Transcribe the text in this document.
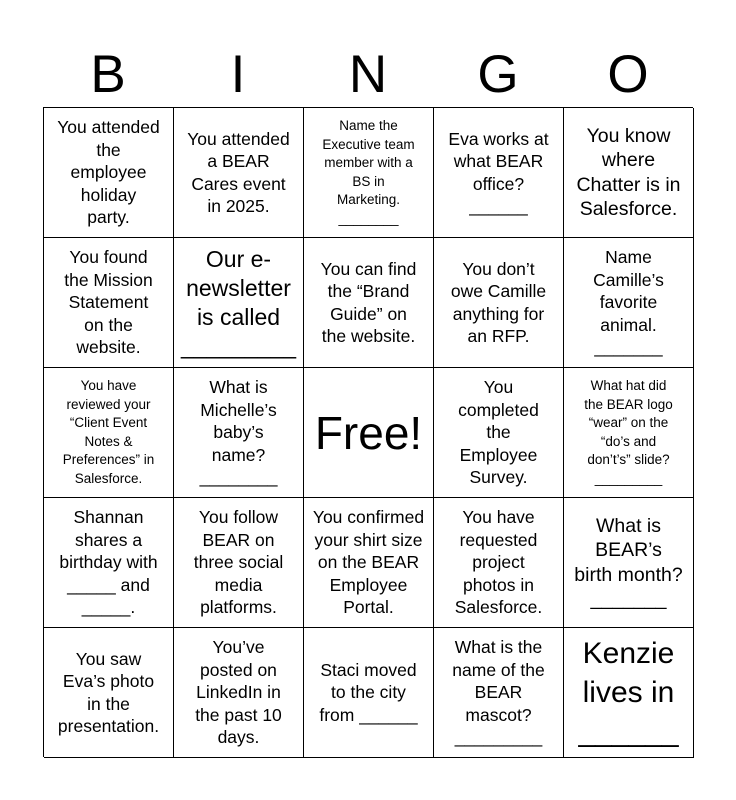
B	I	N	G	O
You attended
the
employee
holiday
party.
You attended
a BEAR
Cares event
in 2025.
Name the
Executive team
member with a
BS in
Marketing.
________
Eva works at
what BEAR
office?
______
You know
where
Chatter is in
Salesforce.
You found
the Mission
Statement
on the
website.
Our e-
newsletter
is called
_________
You can find
the “Brand
Guide” on
the website.
You don’t
owe Camille
anything for
an RFP.
Name
Camille’s
favorite
animal.
_______
You have
reviewed your
“Client Event
Notes &
Preferences” in
Salesforce.
What is
Michelle’s
baby’s
name?
________
Free!
You
completed
the
Employee
Survey.
What hat did
the BEAR logo
“wear” on the
“do’s and
don’t’s” slide?
_________
Shannan
shares a
birthday with
_____ and
_____.
You follow
BEAR on
three social
media
platforms.
You confirmed
your shirt size
on the BEAR
Employee
Portal.
You have
requested
project
photos in
Salesforce.
What is
BEAR’s
birth month?
_______
You saw
Eva’s photo
in the
presentation.
You’ve
posted on
LinkedIn in
the past 10
days.
Staci moved
to the city
from ______
What is the
name of the
BEAR
mascot?
_________
Kenzie
lives in
______
